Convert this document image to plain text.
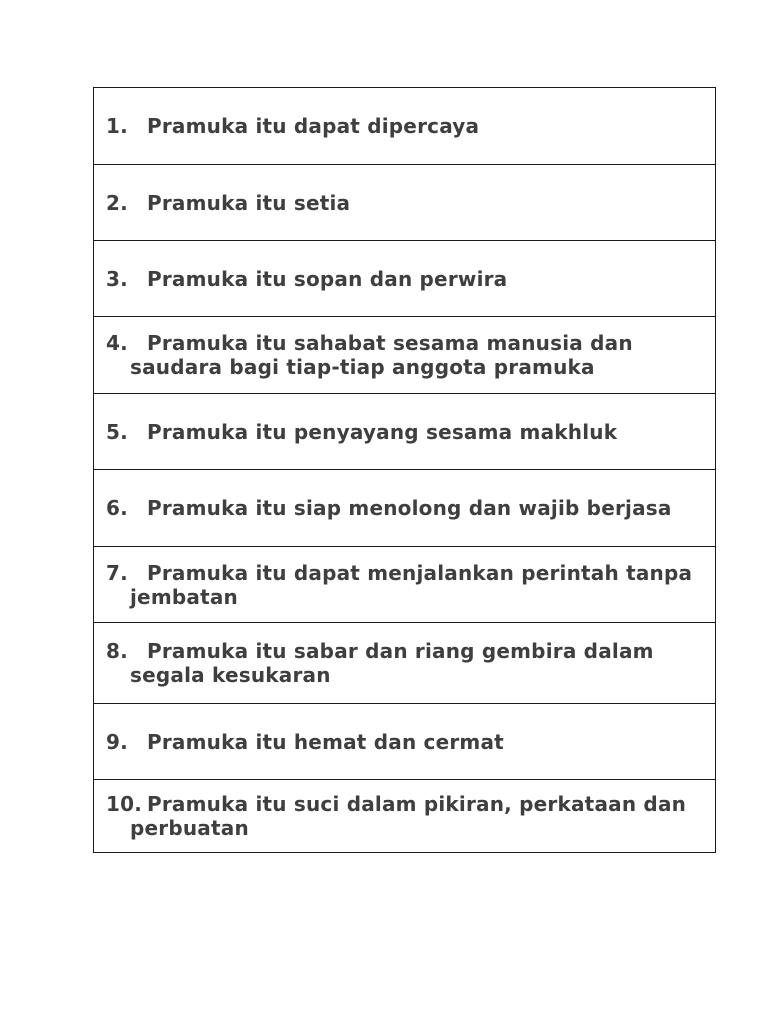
1. Pramuka itu dapat dipercaya

2. Pramuka itu setia

3. Pramuka itu sopan dan perwira

4. Pramuka itu sahabat sesama manusia dan saudara bagi tiap-tiap anggota pramuka

5. Pramuka itu penyayang sesama makhluk

6. Pramuka itu siap menolong dan wajib berjasa

7. Pramuka itu dapat menjalankan perintah tanpa jembatan

8. Pramuka itu sabar dan riang gembira dalam segala kesukaran

9. Pramuka itu hemat dan cermat

10. Pramuka itu suci dalam pikiran, perkataan dan perbuatan
